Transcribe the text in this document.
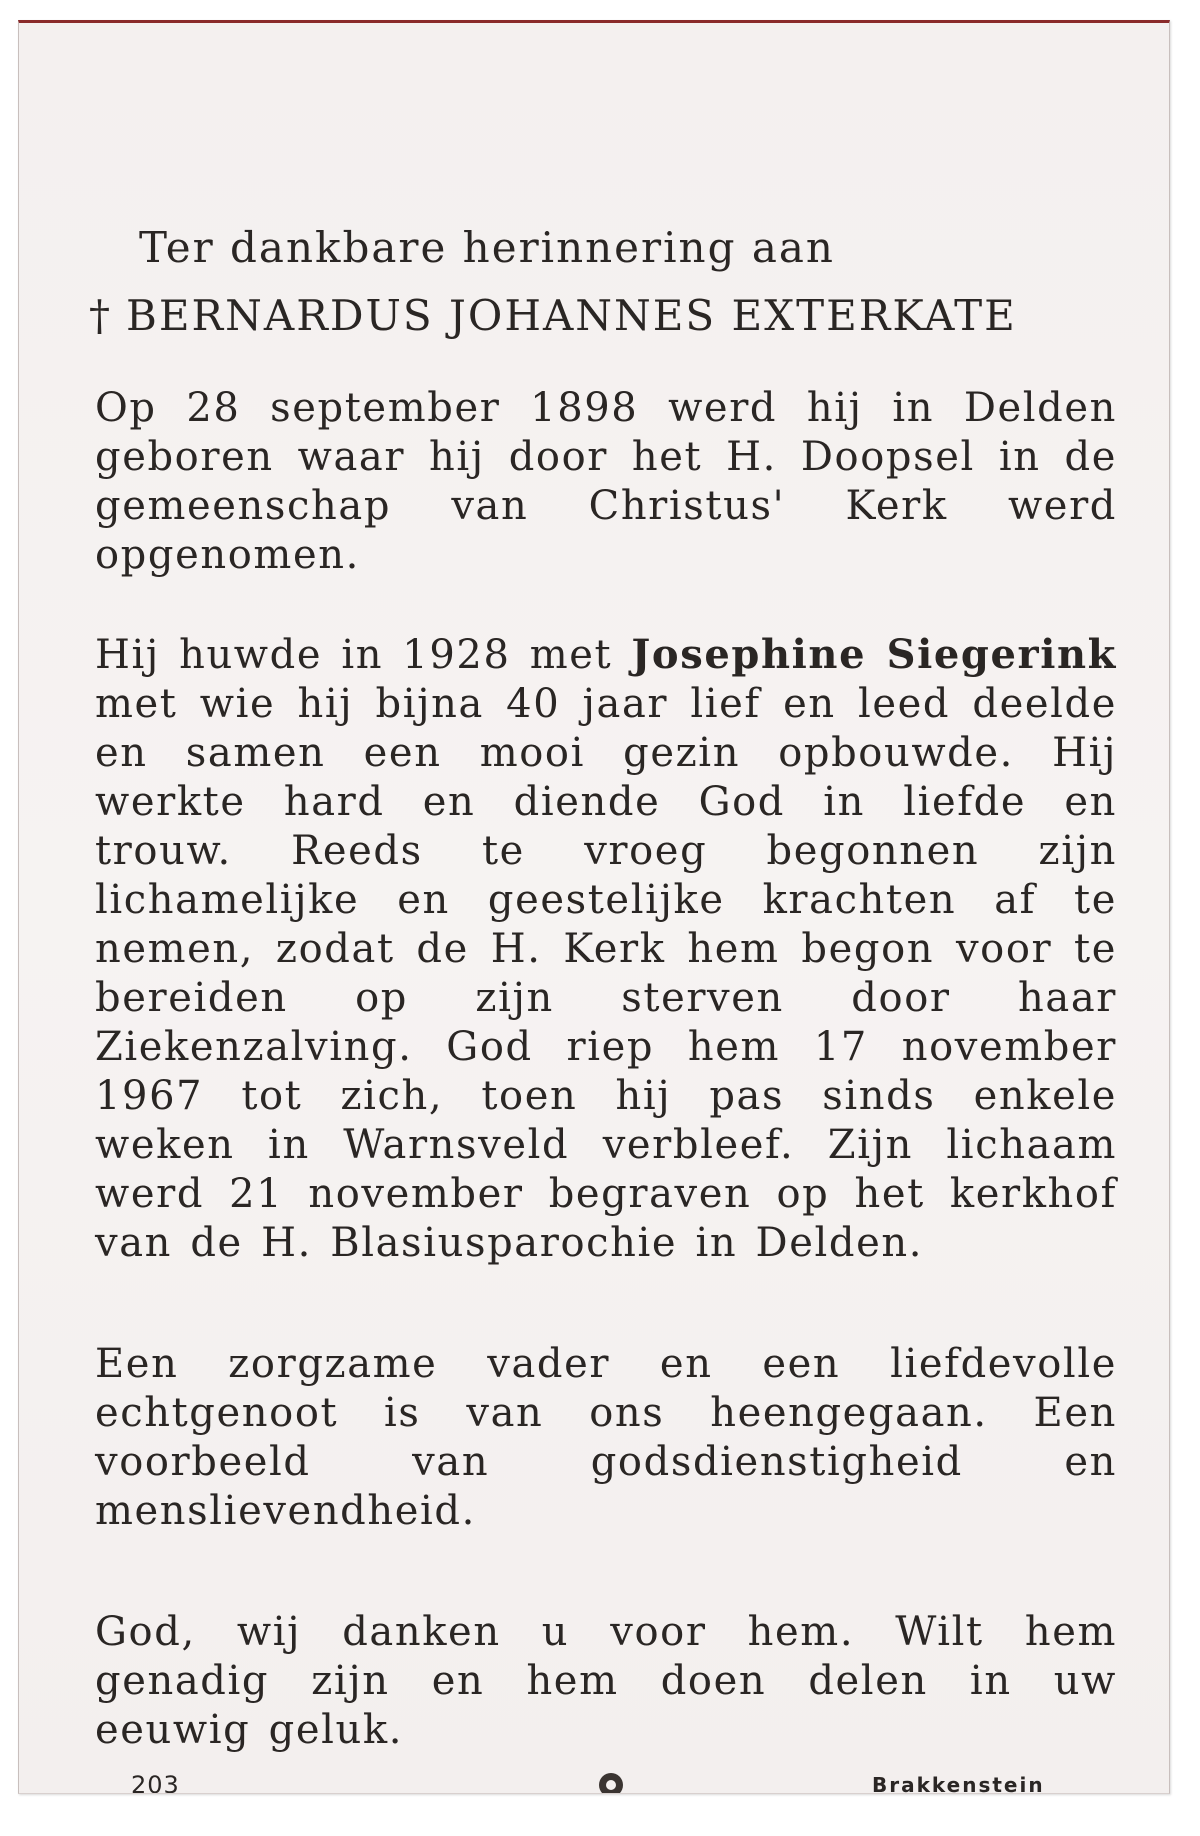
Ter dankbare herinnering aan

† BERNARDUS JOHANNES EXTERKATE

Op 28 september 1898 werd hij in Delden geboren waar hij door het H. Doopsel in de gemeenschap van Christus' Kerk werd opgenomen.

Hij huwde in 1928 met Josephine Siegerink met wie hij bijna 40 jaar lief en leed deelde en samen een mooi gezin opbouwde. Hij werkte hard en diende God in liefde en trouw. Reeds te vroeg begonnen zijn lichamelijke en geestelijke krachten af te nemen, zodat de H. Kerk hem begon voor te bereiden op zijn sterven door haar Ziekenzalving. God riep hem 17 november 1967 tot zich, toen hij pas sinds enkele weken in Warnsveld verbleef. Zijn lichaam werd 21 november begraven op het kerkhof van de H. Blasiusparochie in Delden.

Een zorgzame vader en een liefdevolle echtgenoot is van ons heengegaan. Een voorbeeld van godsdienstigheid en menslievendheid.

God, wij danken u voor hem. Wilt hem genadig zijn en hem doen delen in uw eeuwig geluk.

203	Brakkenstein
